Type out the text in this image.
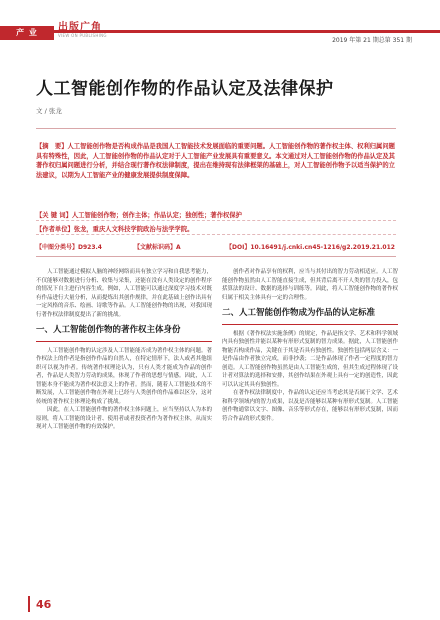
产 业	出版广角
VIEW ON PUBLISHING
2019 年第 21 期总第 351 期
人工智能创作物的作品认定及法律保护
文 / 张龙
【摘　要】人工智能创作物是否构成作品是我国人工智能技术发展面临的重要问题。人工智能创作物的著作权主体、权利归属问题具有特殊性，因此，人工智能创作物的作品认定对于人工智能产业发展具有重要意义。本文通过对人工智能创作物的作品认定及其著作权归属问题进行分析，并结合现行著作权法律制度，提出在维持现有法律框架的基础上，对人工智能创作物予以适当保护的立法建议，以期为人工智能产业的健康发展提供制度保障。
【关 键 词】人工智能创作物；创作主体；作品认定；独创性；著作权保护
【作者单位】张龙，重庆人文科技学院政治与法学学院。
【中图分类号】D923.4	【文献标识码】A	【DOI】10.16491/j.cnki.cn45-1216/g2.2019.21.012

人工智能通过模拟人脑的神经网络而具有独立学习和自我思考能力，不仅能够对数据进行分析、收集与采集，还能在没有人类设定的创作程序的情况下自主进行内容生成。例如，人工智能可以通过深度学习技术对既有作品进行大量分析，从而提炼出其创作规律，并在此基础上创作出具有一定风格的音乐、绘画、诗歌等作品。人工智能创作物的出现，对我国现行著作权法律制度提出了新的挑战。

一、人工智能创作物的著作权主体身份

人工智能创作物的认定涉及人工智能能否成为著作权主体的问题。著作权法上的作者是指创作作品的自然人，在特定情形下，法人或者其他组织可以视为作者。传统著作权理论认为，只有人类才能成为作品的创作者，作品是人类智力劳动的成果，体现了作者的思想与情感。因此，人工智能本身不能成为著作权法意义上的作者。然而，随着人工智能技术的不断发展，人工智能创作物在外观上已经与人类创作的作品难以区分，这对传统的著作权主体理论构成了挑战。

因此，在人工智能创作物的著作权主体问题上，应当坚持以人为本的原则，将人工智能的设计者、使用者或者投资者作为著作权主体，从而实现对人工智能创作物的有效保护。

创作者对作品享有的权利，应当与其付出的智力劳动相适应。人工智能创作物虽然由人工智能直接生成，但其背后离不开人类的智力投入，包括算法的设计、数据的选择与训练等。因此，将人工智能创作物的著作权归属于相关主体具有一定的合理性。

二、人工智能创作物成为作品的认定标准

根据《著作权法实施条例》的规定，作品是指文学、艺术和科学领域内具有独创性并能以某种有形形式复制的智力成果。据此，人工智能创作物能否构成作品，关键在于其是否具有独创性。独创性包括两层含义：一是作品由作者独立完成，而非抄袭；二是作品体现了作者一定程度的智力创造。人工智能创作物虽然是由人工智能生成的，但其生成过程体现了设计者对算法的选择和安排，其创作结果在外观上具有一定的创造性，因此可以认定其具有独创性。

在著作权法律制度中，作品的认定还应当考虑其是否属于文学、艺术和科学领域内的智力成果，以及是否能够以某种有形形式复制。人工智能创作物通常以文字、图像、音乐等形式存在，能够以有形形式复制，因而符合作品的形式要件。

46
